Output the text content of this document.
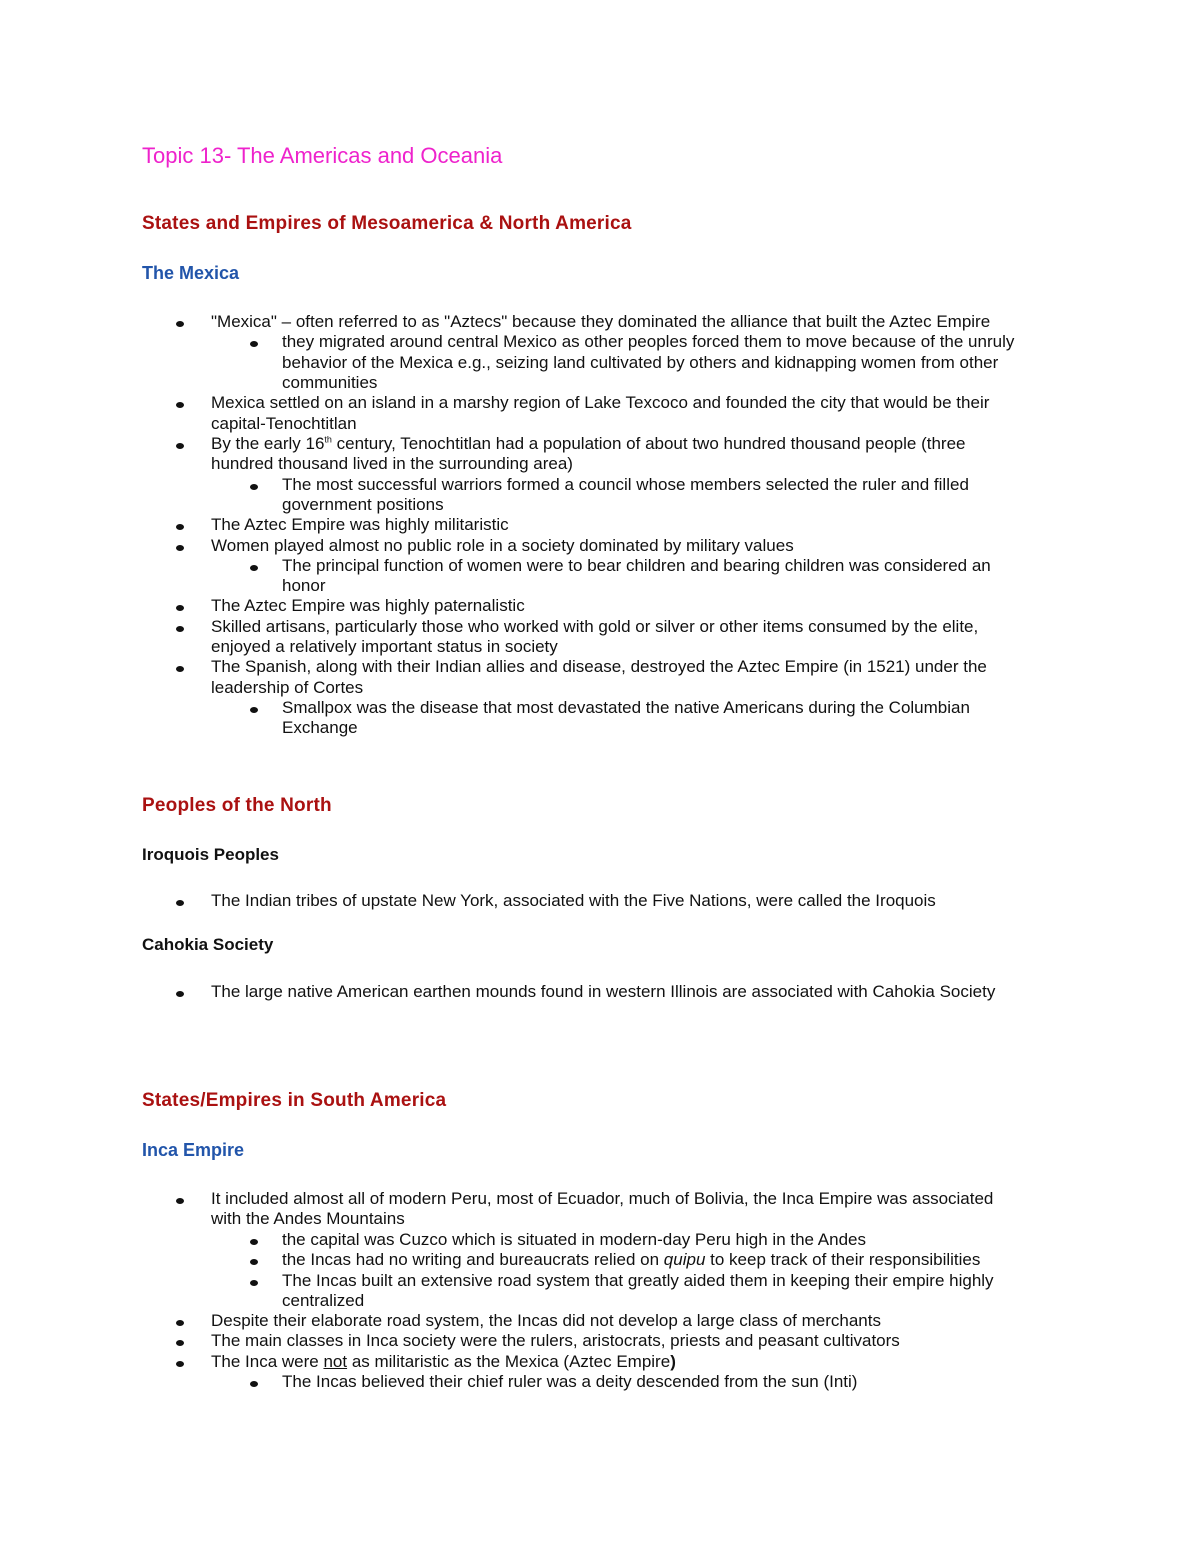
Topic 13- The Americas and Oceania
States and Empires of Mesoamerica & North America
The Mexica
"Mexica" – often referred to as "Aztecs" because they dominated the alliance that built the Aztec Empire
they migrated around central Mexico as other peoples forced them to move because of the unruly
behavior of the Mexica e.g., seizing land cultivated by others and kidnapping women from other
communities
Mexica settled on an island in a marshy region of Lake Texcoco and founded the city that would be their
capital-Tenochtitlan
By the early 16th century, Tenochtitlan had a population of about two hundred thousand people (three
hundred thousand lived in the surrounding area)
The most successful warriors formed a council whose members selected the ruler and filled
government positions
The Aztec Empire was highly militaristic
Women played almost no public role in a society dominated by military values
The principal function of women were to bear children and bearing children was considered an
honor
The Aztec Empire was highly paternalistic
Skilled artisans, particularly those who worked with gold or silver or other items consumed by the elite,
enjoyed a relatively important status in society
The Spanish, along with their Indian allies and disease, destroyed the Aztec Empire (in 1521) under the
leadership of Cortes
Smallpox was the disease that most devastated the native Americans during the Columbian
Exchange
Peoples of the North
Iroquois Peoples
The Indian tribes of upstate New York, associated with the Five Nations, were called the Iroquois
Cahokia Society
The large native American earthen mounds found in western Illinois are associated with Cahokia Society
States/Empires in South America
Inca Empire
It included almost all of modern Peru, most of Ecuador, much of Bolivia, the Inca Empire was associated
with the Andes Mountains
the capital was Cuzco which is situated in modern-day Peru high in the Andes
the Incas had no writing and bureaucrats relied on quipu to keep track of their responsibilities
The Incas built an extensive road system that greatly aided them in keeping their empire highly
centralized
Despite their elaborate road system, the Incas did not develop a large class of merchants
The main classes in Inca society were the rulers, aristocrats, priests and peasant cultivators
The Inca were not as militaristic as the Mexica (Aztec Empire)
The Incas believed their chief ruler was a deity descended from the sun (Inti)
